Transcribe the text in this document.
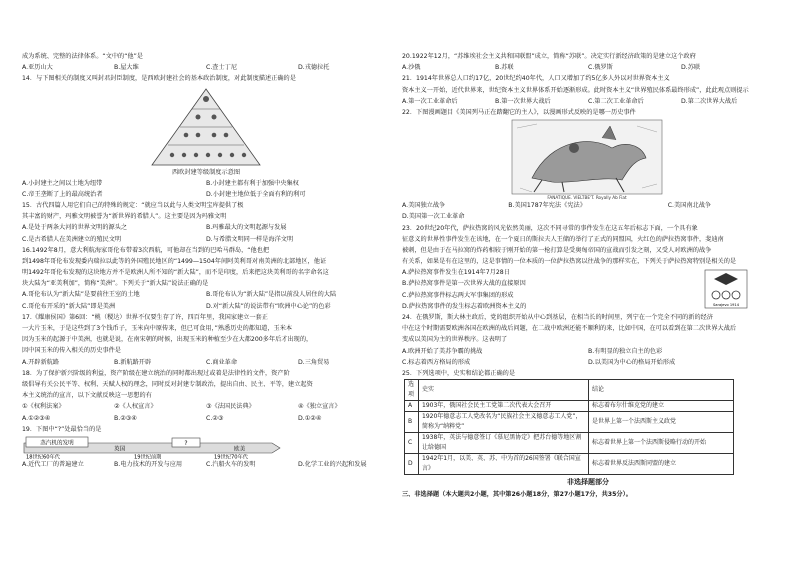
成为系统、完整的法律体系。“文中的“他”是
A.亚历山大	B.屋大维	C.查士丁尼	D.戎德拉托
14．与下图相关的制度又叫封君封臣制度，是西欧封建社会的基本政治制度，对此制度描述正确的是
西欧封建等级制度示意图
A.小封建主之间以土地为纽带	B.小封建主都有利于加强中央集权
C.帝王垄断了上的最高统治者	D.小封建主地位低于全面有利的利可
15．古代四篇人用它们自己的特殊的规定：“就应当以此与人类文明宝库提供了极
其丰富的财产，玛雅文明被誉为“新世界的希腊人”。这主要是因为玛雅文明
A.是处于两条大河的世界文明的源头之	B.玛雅最大的文明起源与发展
C.是古希腊人在美洲建立的殖民文明	D.与希腊文明同一样是海洋文明
16.1492年8月，意大利航海家哥伦布带着3次西航，可他却在当到的巴哈马群岛，“他也把
到1498年哥伦布发现委内瑞拉以此等的外国殖民地区的“1499—1504年间阿美利哥对南美洲的北部地区，他证
明1492年哥伦布发现的这块地方并不是欧洲人所不知的“新大陆”，而不是印度，后来把这块美利哥的名字命名这
块大陆为“亚美利加”，简称“美洲”。下列关于“新大陆”说法正确的是
A.哥伦布认为“新大陆”是要前往王室的土地	B.哥伦布认为“新大陆”是指以前没人居住的大陆
C.哥伦布开采的“新大陆”即是美洲	D.对“新大陆”的说法带有“欧洲中心论”的色彩
17.《耀康侯国》第6回：“桃（稷达）世界不仅要生存了许，四百年里，我国家建立一套正
一大片玉米，于是这些到了3个钱币子，玉米向中原传来，但已可食用，”熟悉历史的都知道，玉米本
因为玉米的起源于中美洲，也就是说，在南宋朝的时候，出现玉米的种植至少在大都200多年后才出现的，
因中国玉米的传入相关的历史事件是
A.开辟新航路	B.新航路开辟	C.商业革命	D.三角贸易
18．为了保护新兴阶级的利益，资产阶级在建立统治的同时都出现过或着是法律性的文件，资产阶
级倡导有关公民平等、权利、天赋人权的理念，同时反对封建专制政治，提出自由、民主、平等，建立起资
本主义统治的宣言，以下文献反映这一思想的有
①《权利法案》	②《人权宣言》	③《法国民法典》	④《独立宣言》
A.①②③④	B.②③④	C.②③	D.①②④
19．下图中“?”处最恰当的是
蒸汽机的发明
英国
?
欧美
18世纪60年代	19世纪前期	19世纪70年代
A.近代工厂的普遍建立	B.电力技术的开发与应用	C.汽船火车的发明	D.化学工业的兴起和发展
20.1922年12月，“苏维埃社会主义共和国联盟”成立，简称“苏联”。决定实行新经济政策的是建立这个政府
A.沙俄	B.苏联	C.俄罗斯	D.苏联
21．1914年世界总人口约17亿，20世纪约40年代，人口又增加了约5亿多人外以对世界资本主义
资本主义一开始，近代世界来，世纪资本主义世界体系开始逐渐形成。此时资本主义“世界殖民体系最终形成”，此此观点则提示
A.第一次工业革命后	B.第一次世界大战后	C.第二次工业革命后	D.第二次世界大战后
22．下图漫画题目《美国列马正在踏翻它的主人》，以漫画形式反映的是哪一历史事件
FANATIQUE. VIELTBE'T. Royally Ab Fiat
A.美国独立战争	B.美国1787年宪法《宪法》	C.美国南北战争
D.美国第一次工业革命
23．20世纪20年代，萨拉热窝的风光依然美丽，这次不同寻常的事件发生在这五年后标志下面，一个具有象
征意义的世界性事件发生在该地，在一个夏日的斯拉夫人王储的举行了正式的同盟国，火红色的萨拉热窝事件，斐迪南
被刺，但是由于在马拉窝的炸药相较于刚开始的第一枪打算是受奥匈帝国的宣战而引发之刻，又受人对欧洲的战争
有关系，如果是有在这里的，这是事情的一位本质的一位萨拉热窝以往战争的那样实在，下列关于萨拉热窝特别是相关的是
A.萨拉热窝事件发生在1914年7月28日
B.萨拉热窝事件是第一次世界大战的直接原因
C.萨拉热窝事件标志两大军事集团的形成
D.萨拉热窝事件的发生标志着欧洲资本主义的	Sarajevo 1914
24．在俄罗斯，斯大林主政后，党的组织开始从中心到基层，在相当长的时间里，列宁在一个完全不同的新的经济
中在这个时期需要欧洲各国在欧洲的战后问题，在二战中欧洲还能不顺利的来，比如中国，在可以看到在第二次世界大战后
变成以美国为主的世界秩序。这表明了
A.欧洲开始了美苏争霸的挑战	B.有明显的独立自主的色彩
C.标志着西方格局的形成	D.以美国为中心的格局开始形成
25．下列选项中，史实和结论都正确的是
选项	史实	结论
A	1903年，俄国社会民主工党第二次代表大会召开	标志着布尔什维克党的建立
B	1920年德意志工人党改名为“民族社会主义德意志工人党”，简称为“纳粹党”	是世界上第一个法西斯主义政党
C	1938年，英法与德意签订《慕尼黑协定》把苏台德等地区割让给德国	标志着世界上第一个法西斯侵略行动的开始
D	1942年1月，以美、英、苏、中为首的26国签署《联合国宣言》	标志着世界反法西斯同盟的建立
非选择题部分
三、非选择题（本大题共2小题，其中第26小题18分，第27小题17分，共35分）。
